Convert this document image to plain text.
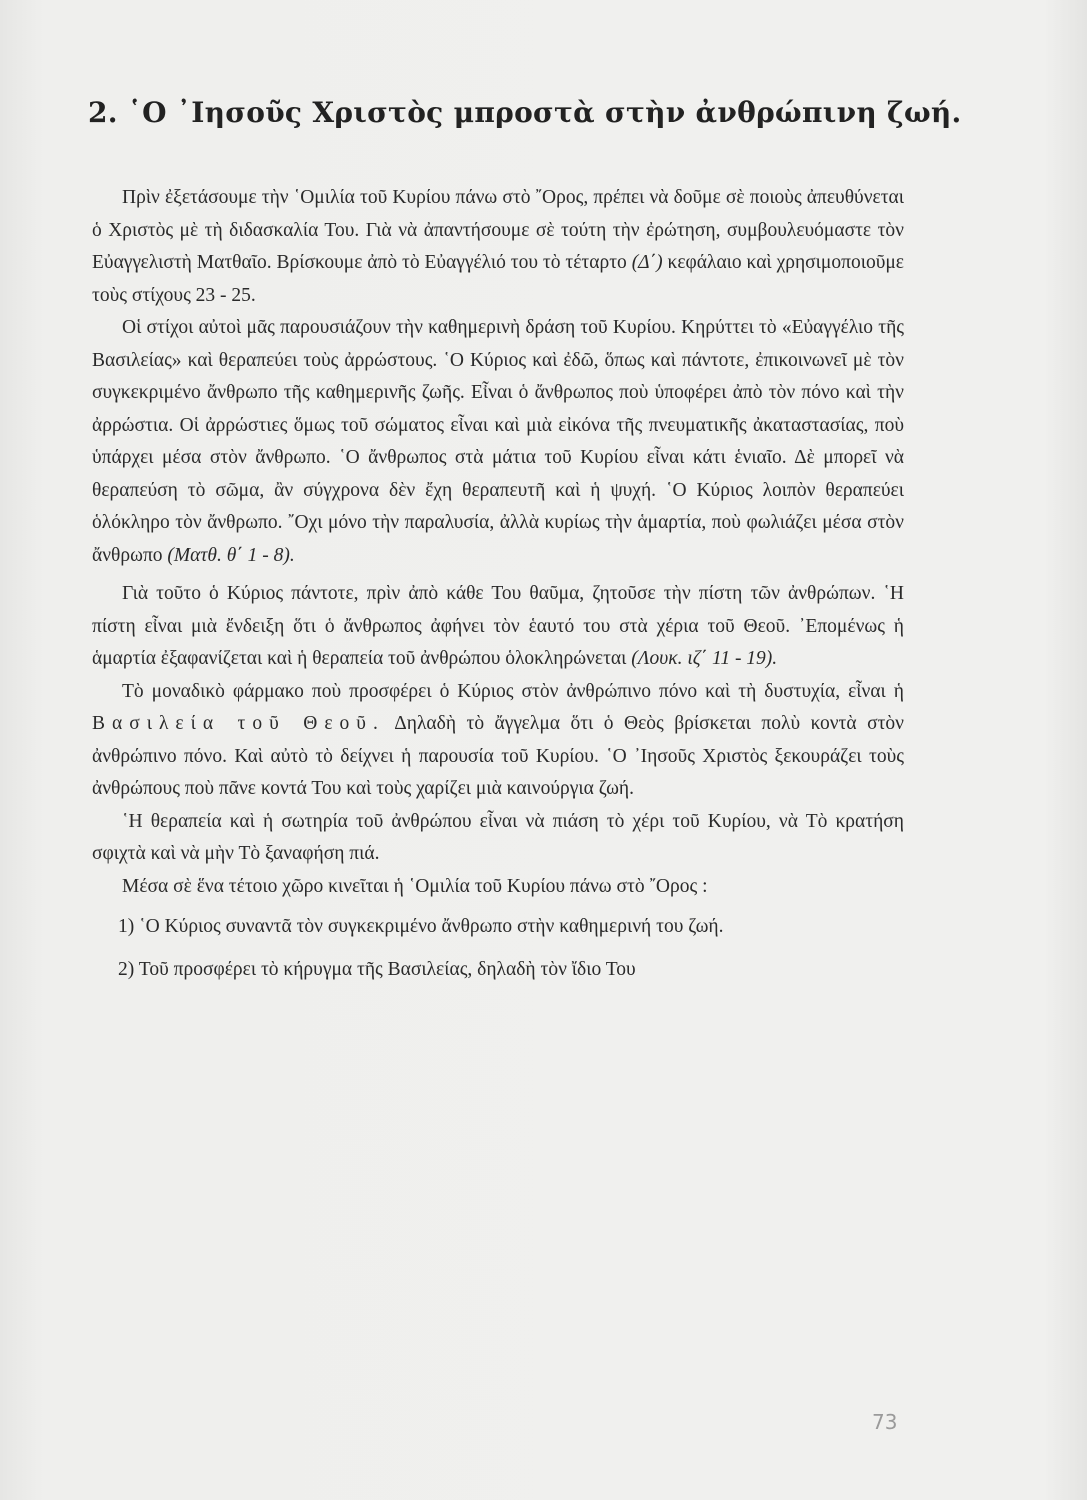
2. ῾Ο ᾿Ιησοῦς Χριστὸς μπροστὰ στὴν ἀνθρώπινη ζωή.

Πρὶν ἐξετάσουμε τὴν ῾Ομιλία τοῦ Κυρίου πάνω στὸ ῎Ορος, πρέπει νὰ δοῦμε σὲ ποιοὺς ἀπευθύνεται ὁ Χριστὸς μὲ τὴ διδασκαλία Του. Γιὰ νὰ ἀπαντήσουμε σὲ τούτη τὴν ἐρώτηση, συμβουλευόμαστε τὸν Εὐαγγελιστὴ Ματθαῖο. Βρίσκουμε ἀπὸ τὸ Εὐαγγέλιό του τὸ τέταρτο (Δ΄) κεφάλαιο καὶ χρησιμοποιοῦμε τοὺς στίχους 23 - 25.

Οἱ στίχοι αὐτοὶ μᾶς παρουσιάζουν τὴν καθημερινὴ δράση τοῦ Κυρίου. Κηρύττει τὸ «Εὐαγγέλιο τῆς Βασιλείας» καὶ θεραπεύει τοὺς ἀρρώστους. ῾Ο Κύριος καὶ ἐδῶ, ὅπως καὶ πάντοτε, ἐπικοινωνεῖ μὲ τὸν συγκεκριμένο ἄνθρωπο τῆς καθημερινῆς ζωῆς. Εἶναι ὁ ἄνθρωπος ποὺ ὑποφέρει ἀπὸ τὸν πόνο καὶ τὴν ἀρρώστια. Οἱ ἀρρώστιες ὅμως τοῦ σώματος εἶναι καὶ μιὰ εἰκόνα τῆς πνευματικῆς ἀκαταστασίας, ποὺ ὑπάρχει μέσα στὸν ἄνθρωπο. ῾Ο ἄνθρωπος στὰ μάτια τοῦ Κυρίου εἶναι κάτι ἑνιαῖο. Δὲ μπορεῖ νὰ θεραπεύση τὸ σῶμα, ἂν σύγχρονα δὲν ἔχη θεραπευτῆ καὶ ἡ ψυχή. ῾Ο Κύριος λοιπὸν θεραπεύει ὁλόκληρο τὸν ἄνθρωπο. ῎Οχι μόνο τὴν παραλυσία, ἀλλὰ κυρίως τὴν ἁμαρτία, ποὺ φωλιάζει μέσα στὸν ἄνθρωπο (Ματθ. θ΄ 1 - 8).

Γιὰ τοῦτο ὁ Κύριος πάντοτε, πρὶν ἀπὸ κάθε Του θαῦμα, ζητοῦσε τὴν πίστη τῶν ἀνθρώπων. ῾Η πίστη εἶναι μιὰ ἔνδειξη ὅτι ὁ ἄνθρωπος ἀφήνει τὸν ἑαυτό του στὰ χέρια τοῦ Θεοῦ. ᾿Επομένως ἡ ἁμαρτία ἐξαφανίζεται καὶ ἡ θεραπεία τοῦ ἀνθρώπου ὁλοκληρώνεται (Λουκ. ιζ΄ 11 - 19).

Τὸ μοναδικὸ φάρμακο ποὺ προσφέρει ὁ Κύριος στὸν ἀνθρώπινο πόνο καὶ τὴ δυστυχία, εἶναι ἡ Βασιλεία τοῦ Θεοῦ. Δηλαδὴ τὸ ἄγγελμα ὅτι ὁ Θεὸς βρίσκεται πολὺ κοντὰ στὸν ἀνθρώπινο πόνο. Καὶ αὐτὸ τὸ δείχνει ἡ παρουσία τοῦ Κυρίου. ῾Ο ᾿Ιησοῦς Χριστὸς ξεκουράζει τοὺς ἀνθρώπους ποὺ πᾶνε κοντά Του καὶ τοὺς χαρίζει μιὰ καινούργια ζωή.

῾Η θεραπεία καὶ ἡ σωτηρία τοῦ ἀνθρώπου εἶναι νὰ πιάση τὸ χέρι τοῦ Κυρίου, νὰ Τὸ κρατήση σφιχτὰ καὶ νὰ μὴν Τὸ ξαναφήση πιά.

Μέσα σὲ ἕνα τέτοιο χῶρο κινεῖται ἡ ῾Ομιλία τοῦ Κυρίου πάνω στὸ ῎Ορος :

1) ῾Ο Κύριος συναντᾶ τὸν συγκεκριμένο ἄνθρωπο στὴν καθημερινή του ζωή.

2) Τοῦ προσφέρει τὸ κήρυγμα τῆς Βασιλείας, δηλαδὴ τὸν ἴδιο Του

73
